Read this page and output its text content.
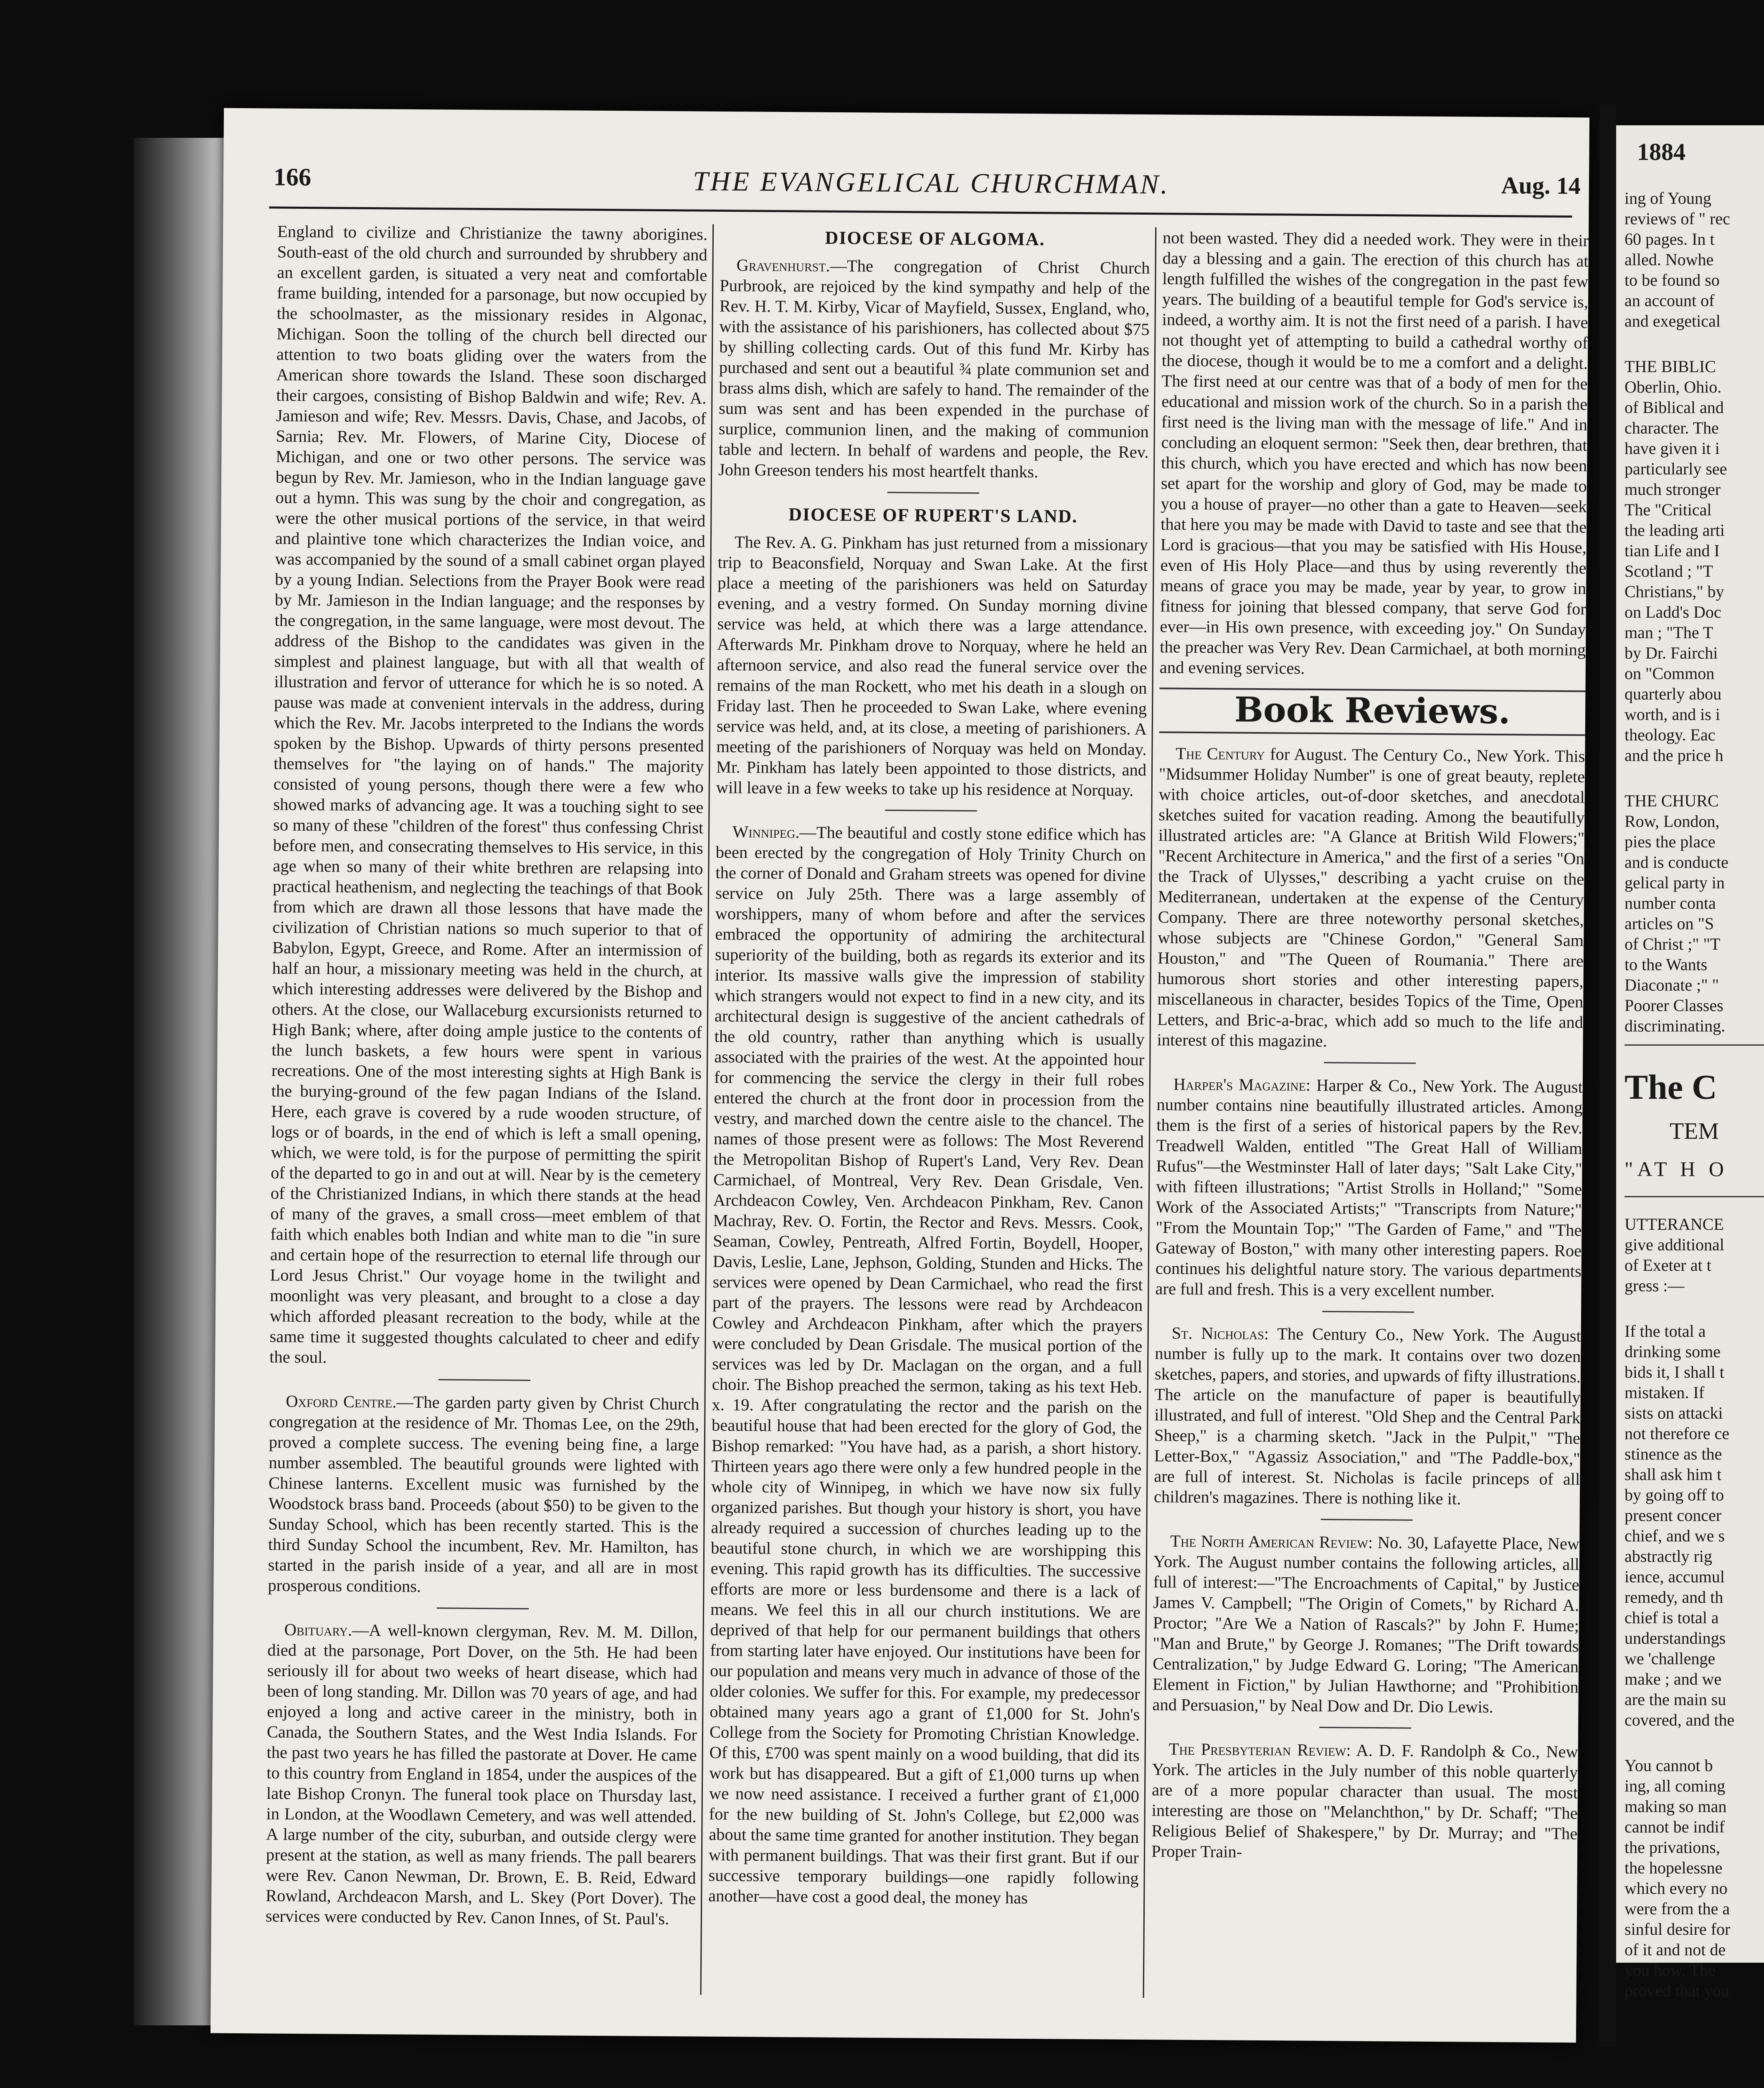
166	THE EVANGELICAL CHURCHMAN.	Aug. 14

England to civilize and Christianize the tawny aborigines. South-east of the old church and surrounded by shrubbery and an excellent garden, is situated a very neat and comfortable frame building, intended for a parsonage, but now occupied by the schoolmaster, as the missionary resides in Algonac, Michigan. Soon the tolling of the church bell directed our attention to two boats gliding over the waters from the American shore towards the Island. These soon discharged their cargoes, consisting of Bishop Baldwin and wife; Rev. A. Jamieson and wife; Rev. Messrs. Davis, Chase, and Jacobs, of Sarnia; Rev. Mr. Flowers, of Marine City, Diocese of Michigan, and one or two other persons. The service was begun by Rev. Mr. Jamieson, who in the Indian language gave out a hymn. This was sung by the choir and congregation, as were the other musical portions of the service, in that weird and plaintive tone which characterizes the Indian voice, and was accompanied by the sound of a small cabinet organ played by a young Indian. Selections from the Prayer Book were read by Mr. Jamieson in the Indian language; and the responses by the congregation, in the same language, were most devout. The address of the Bishop to the candidates was given in the simplest and plainest language, but with all that wealth of illustration and fervor of utterance for which he is so noted. A pause was made at convenient intervals in the address, during which the Rev. Mr. Jacobs interpreted to the Indians the words spoken by the Bishop. Upwards of thirty persons presented themselves for "the laying on of hands." The majority consisted of young persons, though there were a few who showed marks of advancing age. It was a touching sight to see so many of these "children of the forest" thus confessing Christ before men, and consecrating themselves to His service, in this age when so many of their white brethren are relapsing into practical heathenism, and neglecting the teachings of that Book from which are drawn all those lessons that have made the civilization of Christian nations so much superior to that of Babylon, Egypt, Greece, and Rome. After an intermission of half an hour, a missionary meeting was held in the church, at which interesting addresses were delivered by the Bishop and others. At the close, our Wallaceburg excursionists returned to High Bank; where, after doing ample justice to the contents of the lunch baskets, a few hours were spent in various recreations. One of the most interesting sights at High Bank is the burying-ground of the few pagan Indians of the Island. Here, each grave is covered by a rude wooden structure, of logs or of boards, in the end of which is left a small opening, which, we were told, is for the purpose of permitting the spirit of the departed to go in and out at will. Near by is the cemetery of the Christianized Indians, in which there stands at the head of many of the graves, a small cross—meet emblem of that faith which enables both Indian and white man to die "in sure and certain hope of the resurrection to eternal life through our Lord Jesus Christ." Our voyage home in the twilight and moonlight was very pleasant, and brought to a close a day which afforded pleasant recreation to the body, while at the same time it suggested thoughts calculated to cheer and edify the soul.

Oxford Centre.—The garden party given by Christ Church congregation at the residence of Mr. Thomas Lee, on the 29th, proved a complete success. The evening being fine, a large number assembled. The beautiful grounds were lighted with Chinese lanterns. Excellent music was furnished by the Woodstock brass band. Proceeds (about $50) to be given to the Sunday School, which has been recently started. This is the third Sunday School the incumbent, Rev. Mr. Hamilton, has started in the parish inside of a year, and all are in most prosperous conditions.

Obituary.—A well-known clergyman, Rev. M. M. Dillon, died at the parsonage, Port Dover, on the 5th. He had been seriously ill for about two weeks of heart disease, which had been of long standing. Mr. Dillon was 70 years of age, and had enjoyed a long and active career in the ministry, both in Canada, the Southern States, and the West India Islands. For the past two years he has filled the pastorate at Dover. He came to this country from England in 1854, under the auspices of the late Bishop Cronyn. The funeral took place on Thursday last, in London, at the Woodlawn Cemetery, and was well attended. A large number of the city, suburban, and outside clergy were present at the station, as well as many friends. The pall bearers were Rev. Canon Newman, Dr. Brown, E. B. Reid, Edward Rowland, Archdeacon Marsh, and L. Skey (Port Dover). The services were conducted by Rev. Canon Innes, of St. Paul's.

DIOCESE OF ALGOMA.

Gravenhurst.—The congregation of Christ Church Purbrook, are rejoiced by the kind sympathy and help of the Rev. H. T. M. Kirby, Vicar of Mayfield, Sussex, England, who, with the assistance of his parishioners, has collected about $75 by shilling collecting cards. Out of this fund Mr. Kirby has purchased and sent out a beautiful ¾ plate communion set and brass alms dish, which are safely to hand. The remainder of the sum was sent and has been expended in the purchase of surplice, communion linen, and the making of communion table and lectern. In behalf of wardens and people, the Rev. John Greeson tenders his most heartfelt thanks.

DIOCESE OF RUPERT'S LAND.

The Rev. A. G. Pinkham has just returned from a missionary trip to Beaconsfield, Norquay and Swan Lake. At the first place a meeting of the parishioners was held on Saturday evening, and a vestry formed. On Sunday morning divine service was held, at which there was a large attendance. Afterwards Mr. Pinkham drove to Norquay, where he held an afternoon service, and also read the funeral service over the remains of the man Rockett, who met his death in a slough on Friday last. Then he proceeded to Swan Lake, where evening service was held, and, at its close, a meeting of parishioners. A meeting of the parishioners of Norquay was held on Monday. Mr. Pinkham has lately been appointed to those districts, and will leave in a few weeks to take up his residence at Norquay.

Winnipeg.—The beautiful and costly stone edifice which has been erected by the congregation of Holy Trinity Church on the corner of Donald and Graham streets was opened for divine service on July 25th. There was a large assembly of worshippers, many of whom before and after the services embraced the opportunity of admiring the architectural superiority of the building, both as regards its exterior and its interior. Its massive walls give the impression of stability which strangers would not expect to find in a new city, and its architectural design is suggestive of the ancient cathedrals of the old country, rather than anything which is usually associated with the prairies of the west. At the appointed hour for commencing the service the clergy in their full robes entered the church at the front door in procession from the vestry, and marched down the centre aisle to the chancel. The names of those present were as follows: The Most Reverend the Metropolitan Bishop of Rupert's Land, Very Rev. Dean Carmichael, of Montreal, Very Rev. Dean Grisdale, Ven. Archdeacon Cowley, Ven. Archdeacon Pinkham, Rev. Canon Machray, Rev. O. Fortin, the Rector and Revs. Messrs. Cook, Seaman, Cowley, Pentreath, Alfred Fortin, Boydell, Hooper, Davis, Leslie, Lane, Jephson, Golding, Stunden and Hicks. The services were opened by Dean Carmichael, who read the first part of the prayers. The lessons were read by Archdeacon Cowley and Archdeacon Pinkham, after which the prayers were concluded by Dean Grisdale. The musical portion of the services was led by Dr. Maclagan on the organ, and a full choir. The Bishop preached the sermon, taking as his text Heb. x. 19. After congratulating the rector and the parish on the beautiful house that had been erected for the glory of God, the Bishop remarked: "You have had, as a parish, a short history. Thirteen years ago there were only a few hundred people in the whole city of Winnipeg, in which we have now six fully organized parishes. But though your history is short, you have already required a succession of churches leading up to the beautiful stone church, in which we are worshipping this evening. This rapid growth has its difficulties. The successive efforts are more or less burdensome and there is a lack of means. We feel this in all our church institutions. We are deprived of that help for our permanent buildings that others from starting later have enjoyed. Our institutions have been for our population and means very much in advance of those of the older colonies. We suffer for this. For example, my predecessor obtained many years ago a grant of £1,000 for St. John's College from the Society for Promoting Christian Knowledge. Of this, £700 was spent mainly on a wood building, that did its work but has disappeared. But a gift of £1,000 turns up when we now need assistance. I received a further grant of £1,000 for the new building of St. John's College, but £2,000 was about the same time granted for another institution. They began with permanent buildings. That was their first grant. But if our successive temporary buildings—one rapidly following another—have cost a good deal, the money has

not been wasted. They did a needed work. They were in their day a blessing and a gain. The erection of this church has at length fulfilled the wishes of the congregation in the past few years. The building of a beautiful temple for God's service is, indeed, a worthy aim. It is not the first need of a parish. I have not thought yet of attempting to build a cathedral worthy of the diocese, though it would be to me a comfort and a delight. The first need at our centre was that of a body of men for the educational and mission work of the church. So in a parish the first need is the living man with the message of life." And in concluding an eloquent sermon: "Seek then, dear brethren, that this church, which you have erected and which has now been set apart for the worship and glory of God, may be made to you a house of prayer—no other than a gate to Heaven—seek that here you may be made with David to taste and see that the Lord is gracious—that you may be satisfied with His House, even of His Holy Place—and thus by using reverently the means of grace you may be made, year by year, to grow in fitness for joining that blessed company, that serve God for ever—in His own presence, with exceeding joy." On Sunday the preacher was Very Rev. Dean Carmichael, at both morning and evening services.

Book Reviews.

The Century for August. The Century Co., New York. This "Midsummer Holiday Number" is one of great beauty, replete with choice articles, out-of-door sketches, and anecdotal sketches suited for vacation reading. Among the beautifully illustrated articles are: "A Glance at British Wild Flowers;" "Recent Architecture in America," and the first of a series "On the Track of Ulysses," describing a yacht cruise on the Mediterranean, undertaken at the expense of the Century Company. There are three noteworthy personal sketches, whose subjects are "Chinese Gordon," "General Sam Houston," and "The Queen of Roumania." There are humorous short stories and other interesting papers, miscellaneous in character, besides Topics of the Time, Open Letters, and Bric-a-brac, which add so much to the life and interest of this magazine.

Harper's Magazine: Harper & Co., New York. The August number contains nine beautifully illustrated articles. Among them is the first of a series of historical papers by the Rev. Treadwell Walden, entitled "The Great Hall of William Rufus"—the Westminster Hall of later days; "Salt Lake City," with fifteen illustrations; "Artist Strolls in Holland;" "Some Work of the Associated Artists;" "Transcripts from Nature;" "From the Mountain Top;" "The Garden of Fame," and "The Gateway of Boston," with many other interesting papers. Roe continues his delightful nature story. The various departments are full and fresh. This is a very excellent number.

St. Nicholas: The Century Co., New York. The August number is fully up to the mark. It contains over two dozen sketches, papers, and stories, and upwards of fifty illustrations. The article on the manufacture of paper is beautifully illustrated, and full of interest. "Old Shep and the Central Park Sheep," is a charming sketch. "Jack in the Pulpit," "The Letter-Box," "Agassiz Association," and "The Paddle-box," are full of interest. St. Nicholas is facile princeps of all children's magazines. There is nothing like it.

The North American Review: No. 30, Lafayette Place, New York. The August number contains the following articles, all full of interest:—"The Encroachments of Capital," by Justice James V. Campbell; "The Origin of Comets," by Richard A. Proctor; "Are We a Nation of Rascals?" by John F. Hume; "Man and Brute," by George J. Romanes; "The Drift towards Centralization," by Judge Edward G. Loring; "The American Element in Fiction," by Julian Hawthorne; and "Prohibition and Persuasion," by Neal Dow and Dr. Dio Lewis.

The Presbyterian Review: A. D. F. Randolph & Co., New York. The articles in the July number of this noble quarterly are of a more popular character than usual. The most interesting are those on "Melanchthon," by Dr. Schaff; "The Religious Belief of Shakespere," by Dr. Murray; and "The Proper Train-

1884
ing of Young
reviews of " rec
60 pages. In t
alled. Nowhe
to be found so
an account of
and exegetical
THE BIBLIC
Oberlin, Ohio.
of Biblical and
character. The
have given it i
particularly see
much stronger
The "Critical
the leading arti
tian Life and I
Scotland ; "T
Christians," by
on Ladd's Doc
man ; "The T
by Dr. Fairchi
on "Common
quarterly abou
worth, and is i
theology. Eac
and the price h
THE CHURC
Row, London,
pies the place
and is conducte
gelical party in
number conta
articles on "S
of Christ ;" "T
to the Wants
Diaconate ;" "
Poorer Classes
discriminating.
The C
TEM
"AT H O
UTTERANCE
give additional
of Exeter at t
gress :—
If the total a
drinking some
bids it, I shall t
mistaken. If
sists on attacki
not therefore ce
stinence as the
shall ask him t
by going off to
present concer
chief, and we s
abstractly rig
ience, accumul
remedy, and th
chief is total a
understandings
we 'challenge
make ; and we
are the main su
covered, and the
You cannot b
ing, all coming
making so man
cannot be indif
the privations,
the hopelessne
which every no
were from the a
sinful desire for
of it and not de
you how. The
proved that you
